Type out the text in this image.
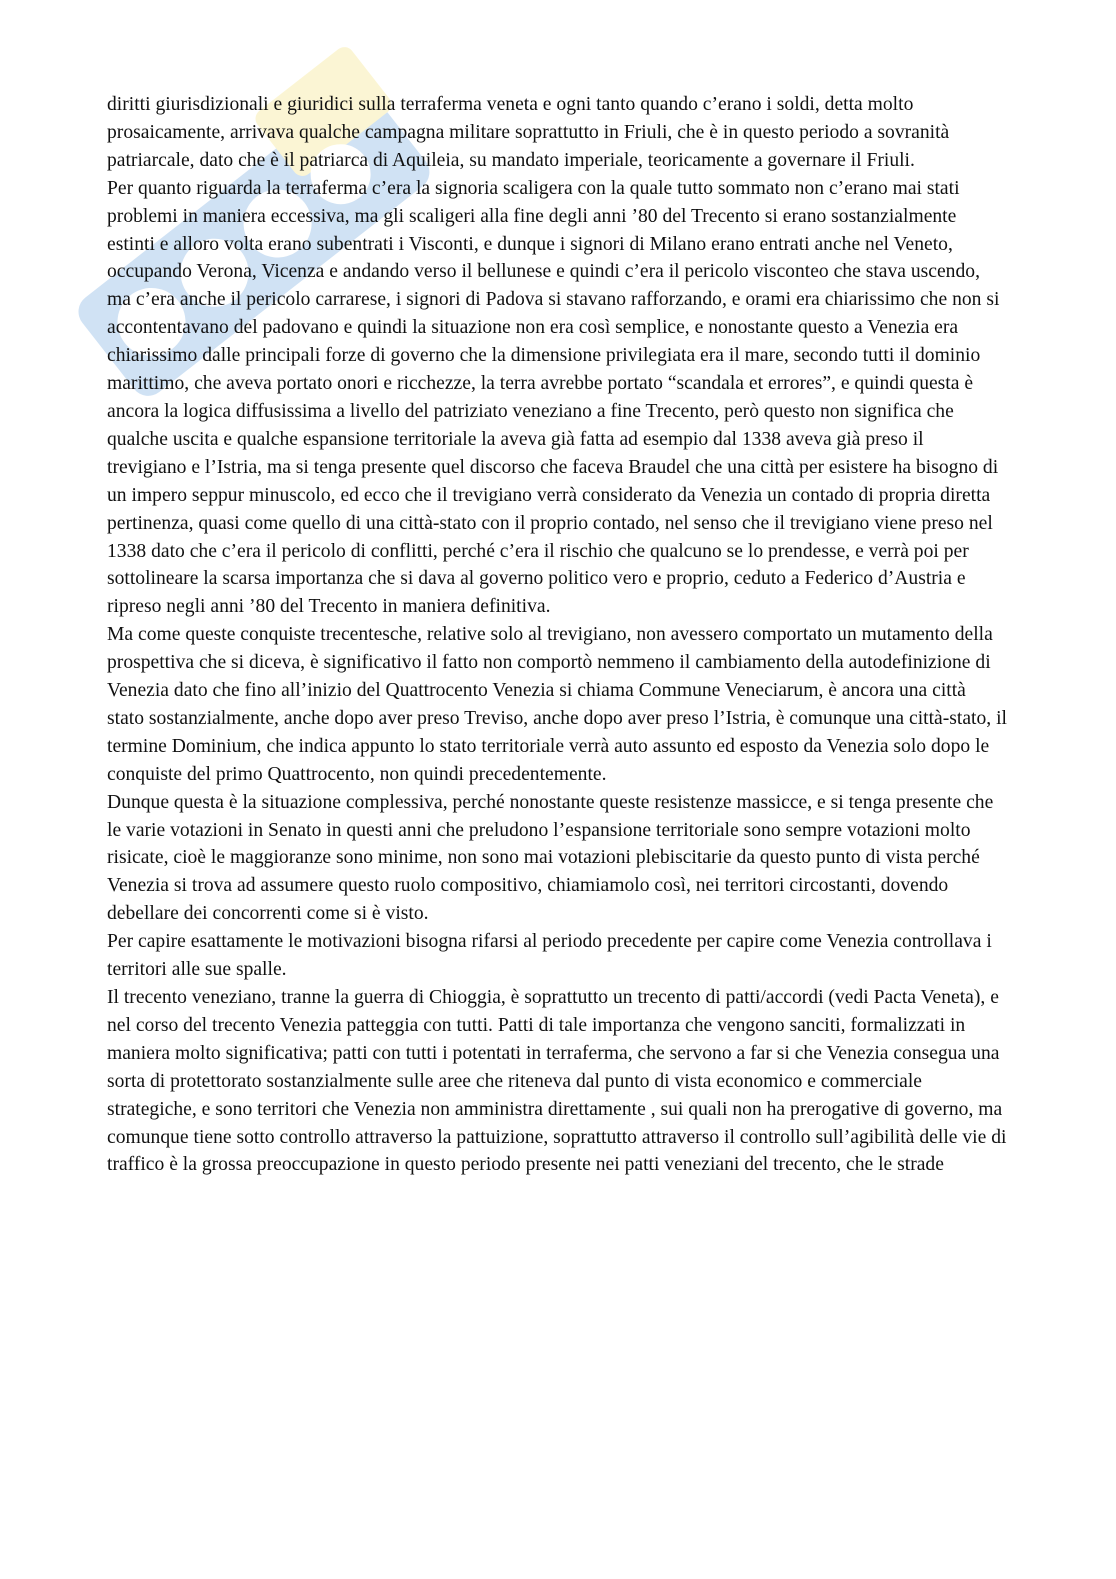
diritti giurisdizionali e giuridici sulla terraferma veneta e ogni tanto quando c’erano i soldi, detta molto prosaicamente, arrivava qualche campagna militare soprattutto in Friuli, che è in questo periodo a sovranità patriarcale, dato che è il patriarca di Aquileia, su mandato imperiale, teoricamente a governare il Friuli.

Per quanto riguarda la terraferma c’era la signoria scaligera con la quale tutto sommato non c’erano mai stati problemi in maniera eccessiva, ma gli scaligeri alla fine degli anni ’80 del Trecento si erano sostanzialmente estinti e alloro volta erano subentrati i Visconti, e dunque i signori di Milano erano entrati anche nel Veneto, occupando Verona, Vicenza e andando verso il bellunese e quindi c’era il pericolo visconteo che stava uscendo, ma c’era anche il pericolo carrarese, i signori di Padova si stavano rafforzando, e orami era chiarissimo che non si accontentavano del padovano e quindi la situazione non era così semplice, e nonostante questo a Venezia era chiarissimo dalle principali forze di governo che la dimensione privilegiata era il mare, secondo tutti il dominio marittimo, che aveva portato onori e ricchezze, la terra avrebbe portato “scandala et errores”, e quindi questa è ancora la logica diffusissima a livello del patriziato veneziano a fine Trecento, però questo non significa che qualche uscita e qualche espansione territoriale la aveva già fatta ad esempio dal 1338 aveva già preso il trevigiano e l’Istria, ma si tenga presente quel discorso che faceva Braudel che una città per esistere ha bisogno di un impero seppur minuscolo, ed ecco che il trevigiano verrà considerato da Venezia un contado di propria diretta pertinenza, quasi come quello di una città-stato con il proprio contado, nel senso che il trevigiano viene preso nel 1338 dato che c’era il pericolo di conflitti, perché c’era il rischio che qualcuno se lo prendesse, e verrà poi per sottolineare la scarsa importanza che si dava al governo politico vero e proprio, ceduto a Federico d’Austria e ripreso negli anni ’80 del Trecento in maniera definitiva.

Ma come queste conquiste trecentesche, relative solo al trevigiano, non avessero comportato un mutamento della prospettiva che si diceva, è significativo il fatto non comportò nemmeno il cambiamento della autodefinizione di Venezia dato che fino all’inizio del Quattrocento Venezia si chiama Commune Veneciarum, è ancora una città stato sostanzialmente, anche dopo aver preso Treviso, anche dopo aver preso l’Istria, è comunque una città-stato, il termine Dominium, che indica appunto lo stato territoriale verrà auto assunto ed esposto da Venezia solo dopo le conquiste del primo Quattrocento, non quindi precedentemente.

Dunque questa è la situazione complessiva, perché nonostante queste resistenze massicce, e si tenga presente che le varie votazioni in Senato in questi anni che preludono l’espansione territoriale sono sempre votazioni molto risicate, cioè le maggioranze sono minime, non sono mai votazioni plebiscitarie da questo punto di vista perché Venezia si trova ad assumere questo ruolo compositivo, chiamiamolo così, nei territori circostanti, dovendo debellare dei concorrenti come si è visto.

Per capire esattamente le motivazioni bisogna rifarsi al periodo precedente per capire come Venezia controllava i territori alle sue spalle.

Il trecento veneziano, tranne la guerra di Chioggia, è soprattutto un trecento di patti/accordi (vedi Pacta Veneta), e nel corso del trecento Venezia patteggia con tutti. Patti di tale importanza che vengono sanciti, formalizzati in maniera molto significativa; patti con tutti i potentati in terraferma, che servono a far si che Venezia consegua una sorta di protettorato sostanzialmente sulle aree che riteneva dal punto di vista economico e commerciale strategiche, e sono territori che Venezia non amministra direttamente , sui quali non ha prerogative di governo, ma comunque tiene sotto controllo attraverso la pattuizione, soprattutto attraverso il controllo sull’agibilità delle vie di traffico è la grossa preoccupazione in questo periodo presente nei patti veneziani del trecento, che le strade
